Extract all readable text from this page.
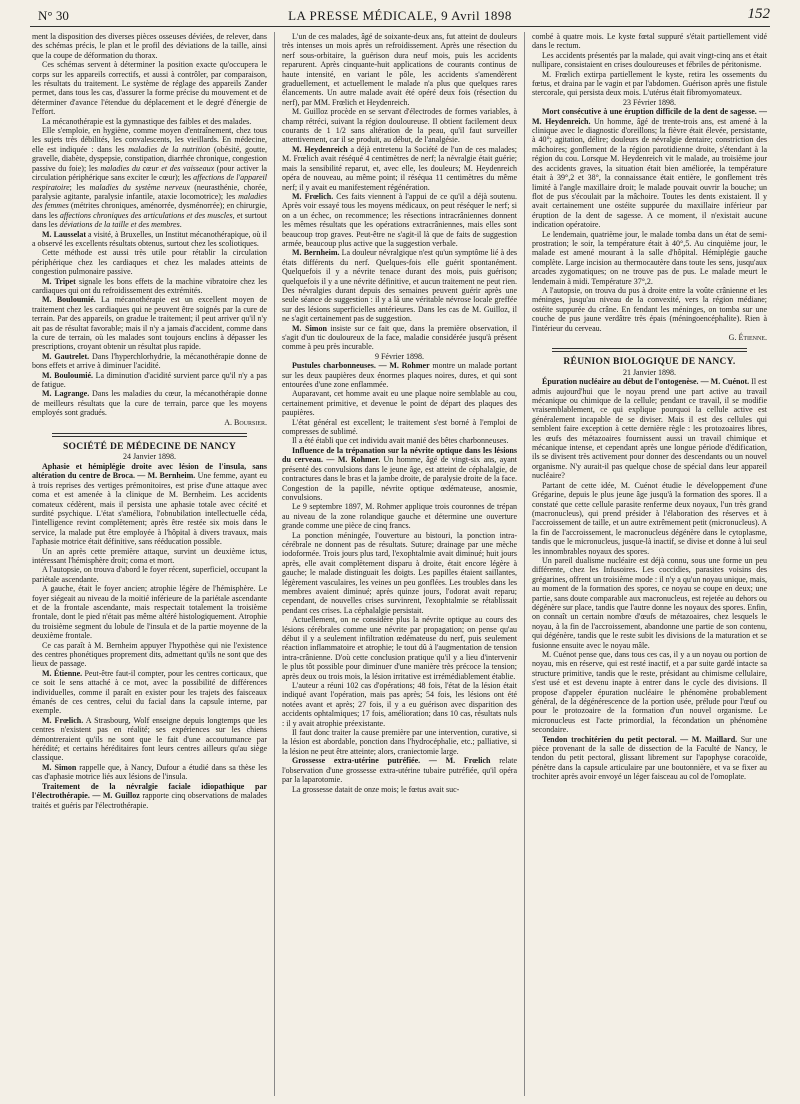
N° 30	LA PRESSE MÉDICALE, 9 Avril 1898	152

ment la disposition des diverses pièces osseuses déviées, de relever, dans des schémas précis, le plan et le profil des déviations de la taille, ainsi que la coupe de déformation du thorax.

Ces schémas servent à déterminer la position exacte qu'occupera le corps sur les appareils correctifs, et aussi à contrôler, par comparaison, les résultats du traitement. Le système de réglage des appareils Zander permet, dans tous les cas, d'assurer la forme précise du mouvement et de déterminer d'avance l'étendue du déplacement et le degré d'énergie de l'effort.

La mécanothérapie est la gymnastique des faibles et des malades.

Elle s'emploie, en hygiène, comme moyen d'entraînement, chez tous les sujets très débilités, les convalescents, les vieillards. En médecine, elle est indiquée : dans les maladies de la nutrition (obésité, goutte, gravelle, diabète, dyspepsie, constipation, diarrhée chronique, congestion passive du foie); les maladies du cœur et des vaisseaux (pour activer la circulation périphérique sans exciter le cœur); les affections de l'appareil respiratoire; les maladies du système nerveux (neurasthénie, chorée, paralysie agitante, paralysie infantile, ataxie locomotrice); les maladies des femmes (métrites chroniques, aménorrée, dysménorrée); en chirurgie, dans les affections chroniques des articulations et des muscles, et surtout dans les déviations de la taille et des membres.

M. Lausselat a visité, à Bruxelles, un Institut mécanothérapique, où il a observé les excellents résultats obtenus, surtout chez les scoliotiques.

Cette méthode est aussi très utile pour rétablir la circulation périphérique chez les cardiaques et chez les malades atteints de congestion pulmonaire passive.

M. Tripet signale les bons effets de la machine vibratoire chez les cardiaques qui ont du refroidissement des extrémités.

M. Bouloumié. La mécanothérapie est un excellent moyen de traitement chez les cardiaques qui ne peuvent être soignés par la cure de terrain. Par des appareils, on gradue le traitement; il peut arriver qu'il n'y ait pas de résultat favorable; mais il n'y a jamais d'accident, comme dans la cure de terrain, où les malades sont toujours enclins à dépasser les prescriptions, croyant obtenir un résultat plus rapide.

M. Gautrelet. Dans l'hyperchlorhydrie, la mécanothérapie donne de bons effets et arrive à diminuer l'acidité.

M. Bouloumié. La diminution d'acidité survient parce qu'il n'y a pas de fatigue.

M. Lagrange. Dans les maladies du cœur, la mécanothérapie donne de meilleurs résultats que la cure de terrain, parce que les moyens employés sont gradués.

A. Boursier.

SOCIÉTÉ DE MÉDECINE DE NANCY

24 Janvier 1898.

Aphasie et hémiplégie droite avec lésion de l'insula, sans altération du centre de Broca. — M. Bernheim. Une femme, ayant eu à trois reprises des vertiges prémonitoires, est prise d'une attaque avec coma et est amenée à la clinique de M. Bernheim. Les accidents comateux cédèrent, mais il persista une aphasie totale avec cécité et surdité psychique. L'état s'améliora, l'obnubilation intellectuelle céda, l'intelligence revint complètement; après être restée six mois dans le service, la malade put être employée à l'hôpital à divers travaux, mais l'aphasie motrice était définitive, sans rééducation possible.

Un an après cette première attaque, survint un deuxième ictus, intéressant l'hémisphère droit; coma et mort.

A l'autopsie, on trouva d'abord le foyer récent, superficiel, occupant la pariétale ascendante.

A gauche, était le foyer ancien; atrophie légère de l'hémisphère. Le foyer siégeait au niveau de la moitié inférieure de la pariétale ascendante et de la frontale ascendante, mais respectait totalement la troisième frontale, dont le pied n'était pas même altéré histologiquement. Atrophie du troisième segment du lobule de l'insula et de la partie moyenne de la deuxième frontale.

Ce cas paraît à M. Bernheim appuyer l'hypothèse qui nie l'existence des centres phonétiques proprement dits, admettant qu'ils ne sont que des lieux de passage.

M. Étienne. Peut-être faut-il compter, pour les centres corticaux, que ce soit le sens attaché à ce mot, avec la possibilité de différences individuelles, comme il paraît en exister pour les trajets des faisceaux émanés de ces centres, celui du facial dans la capsule interne, par exemple.

M. Frœlich. A Strasbourg, Wolf enseigne depuis longtemps que les centres n'existent pas en réalité; ses expériences sur les chiens démontreraient qu'ils ne sont que le fait d'une accoutumance par hérédité; et certains héréditaires font leurs centres ailleurs qu'au siège classique.

M. Simon rappelle que, à Nancy, Dufour a étudié dans sa thèse les cas d'aphasie motrice liés aux lésions de l'insula.

Traitement de la névralgie faciale idiopathique par l'électrothérapie. — M. Guilloz rapporte cinq observations de malades traités et guéris par l'électrothérapie.

L'un de ces malades, âgé de soixante-deux ans, fut atteint de douleurs très intenses un mois après un refroidissement. Après une résection du nerf sous-orbitaire, la guérison dura neuf mois, puis les accidents reparurent. Après cinquante-huit applications de courants continus de haute intensité, en variant le pôle, les accidents s'amendèrent graduellement, et actuellement le malade n'a plus que quelques rares élancements. Un autre malade avait été opéré deux fois (résection du nerf), par MM. Frœlich et Heydenreich.

M. Guilloz procède en se servant d'électrodes de formes variables, à champ rétréci, suivant la région douloureuse. Il obtient facilement deux courants de 1 1/2 sans altération de la peau, qu'il faut surveiller attentivement, car il se produit, au début, de l'analgésie.

M. Heydenreich a déjà entretenu la Société de l'un de ces malades; M. Frœlich avait réséqué 4 centimètres de nerf; la névralgie était guérie; mais la sensibilité reparut, et, avec elle, les douleurs; M. Heydenreich opéra de nouveau, au même point; il réséqua 11 centimètres du même nerf; il y avait eu manifestement régénération.

M. Frœlich. Ces faits viennent à l'appui de ce qu'il a déjà soutenu. Après voir essayé tous les moyens médicaux, on peut réséquer le nerf; si on a un échec, on recommence; les résections intracrâniennes donnent les mêmes résultats que les opérations extracrâniennes, mais elles sont beaucoup trop graves. Peut-être ne s'agit-il là que de faits de suggestion armée, beaucoup plus active que la suggestion verbale.

M. Bernheim. La douleur névralgique n'est qu'un symptôme lié à des états différents du nerf. Quelques-fois elle guérit spontanément. Quelquefois il y a névrite tenace durant des mois, puis guérison; quelquefois il y a une névrite définitive, et aucun traitement ne peut rien. Des névralgies durant depuis des semaines peuvent guérir après une seule séance de suggestion : il y a là une véritable névrose locale greffée sur des lésions superficielles antérieures. Dans les cas de M. Guilloz, il ne s'agit certainement pas de suggestion.

M. Simon insiste sur ce fait que, dans la première observation, il s'agit d'un tic douloureux de la face, maladie considérée jusqu'à présent comme à peu près incurable.

9 Février 1898.

Pustules charbonneuses. — M. Rohmer montre un malade portant sur les deux paupières deux énormes plaques noires, dures, et qui sont entourées d'une zone enflammée.

Auparavant, cet homme avait eu une plaque noire semblable au cou, certainement primitive, et devenue le point de départ des plaques des paupières.

L'état général est excellent; le traitement s'est borné à l'emploi de compresses de sublimé.

Il a été établi que cet individu avait manié des bêtes charbonneuses.

Influence de la trépanation sur la névrite optique dans les lésions du cerveau. — M. Rohmer. Un homme, âgé de vingt-six ans, ayant présenté des convulsions dans le jeune âge, est atteint de céphalalgie, de contractures dans le bras et la jambe droite, de paralysie droite de la face. Congestion de la papille, névrite optique œdémateuse, anosmie, convulsions.

Le 9 septembre 1897, M. Rohmer applique trois couronnes de trépan au niveau de la zone rolandique gauche et détermine une ouverture grande comme une pièce de cinq francs.

La ponction méningée, l'ouverture au bistouri, la ponction intra-cérébrale ne donnent pas de résultats. Suture; drainage par une mèche iodoformée. Trois jours plus tard, l'exophtalmie avait diminué; huit jours après, elle avait complètement disparu à droite, était encore légère à gauche; le malade distinguait les doigts. Les papilles étaient saillantes, légèrement vasculaires, les veines un peu gonflées. Les troubles dans les membres avaient diminué; après quinze jours, l'odorat avait reparu; cependant, de nouvelles crises survinrent, l'exophtalmie se rétablissait pendant ces crises. La céphalalgie persistait.

Actuellement, on ne considère plus la névrite optique au cours des lésions cérébrales comme une névrite par propagation; on pense qu'au début il y a seulement infiltration œdémateuse du nerf, puis seulement réaction inflammatoire et atrophie; le tout dû à l'augmentation de tension intra-crânienne. D'où cette conclusion pratique qu'il y a lieu d'intervenir le plus tôt possible pour diminuer d'une manière très précoce la tension; après deux ou trois mois, la lésion irritative est irrémédiablement établie.

L'auteur a réuni 102 cas d'opérations; 48 fois, l'état de la lésion était indiqué avant l'opération, mais pas après; 54 fois, les lésions ont été notées avant et après; 27 fois, il y a eu guérison avec disparition des accidents ophtalmiques; 17 fois, amélioration; dans 10 cas, résultats nuls : il y avait atrophie préexistante.

Il faut donc traiter la cause première par une intervention, curative, si la lésion est abordable, ponction dans l'hydrocéphalie, etc.; palliative, si la lésion ne peut être atteinte; alors, craniectomie large.

Grossesse extra-utérine putréfiée. — M. Frœlich relate l'observation d'une grossesse extra-utérine tubaire putréfiée, qu'il opéra par la laparotomie.

La grossesse datait de onze mois; le fœtus avait suc-

combé à quatre mois. Le kyste fœtal suppuré s'était partiellement vidé dans le rectum.

Les accidents présentés par la malade, qui avait vingt-cinq ans et était nullipare, consistaient en crises douloureuses et fébriles de péritonisme.

M. Frœlich extirpa partiellement le kyste, retira les ossements du fœtus, et draina par le vagin et par l'abdomen. Guérison après une fistule stercorale, qui persista deux mois. L'utérus était fibromyomateux.

23 Février 1898.

Mort consécutive à une éruption difficile de la dent de sagesse. — M. Heydenreich. Un homme, âgé de trente-trois ans, est amené à la clinique avec le diagnostic d'oreillons; la fièvre était élevée, persistante, à 40°; agitation, délire; douleurs de névralgie dentaire; constriction des mâchoires; gonflement de la région parotidienne droite, s'étendant à la région du cou. Lorsque M. Heydenreich vit le malade, au troisième jour des accidents graves, la situation était bien améliorée, la température était à 39°,2 et 38°, la connaissance était entière, le gonflement très limité à l'angle maxillaire droit; le malade pouvait ouvrir la bouche; un flot de pus s'écoulait par la mâchoire. Toutes les dents existaient. Il y avait certainement une ostéite suppurée du maxillaire inférieur par éruption de la dent de sagesse. A ce moment, il n'existait aucune indication opératoire.

Le lendemain, quatrième jour, le malade tomba dans un état de semi-prostration; le soir, la température était à 40°,5. Au cinquième jour, le malade est amené mourant à la salle d'hôpital. Hémiplégie gauche complète. Large incision au thermocautère dans toute les sens, jusqu'aux arcades zygomatiques; on ne trouve pas de pus. Le malade meurt le lendemain à midi. Température 37°,2.

A l'autopsie, on trouva du pus à droite entre la voûte crânienne et les méninges, jusqu'au niveau de la convexité, vers la région médiane; ostéite suppurée du crâne. En fendant les méninges, on tomba sur une couche de pus jaune verdâtre très épais (méningoencéphalite). Rien à l'intérieur du cerveau.

G. Étienne.

RÉUNION BIOLOGIQUE DE NANCY.

21 Janvier 1898.

Épuration nucléaire au début de l'ontogenèse. — M. Cuénot. Il est admis aujourd'hui que le noyau prend une part active au travail mécanique ou chimique de la cellule; pendant ce travail, il se modifie vraisemblablement, ce qui explique pourquoi la cellule active est généralement incapable de se diviser. Mais il est des cellules qui semblent faire exception à cette dernière règle : les protozoaires libres, les œufs des métazoaires fournissent aussi un travail chimique et mécanique intense, et cependant après une longue période d'édification, ils se divisent très activement pour donner des descendants ou un nouvel organisme. N'y aurait-il pas quelque chose de spécial dans leur appareil nucléaire?

Partant de cette idée, M. Cuénot étudie le développement d'une Grégarine, depuis le plus jeune âge jusqu'à la formation des spores. Il a constaté que cette cellule parasite renferme deux noyaux, l'un très grand (macronucleus), qui prend présider à l'élaboration des réserves et à l'accroissement de taille, et un autre extrêmement petit (micronucleus). A la fin de l'accroissement, le macronucleus dégénère dans le cytoplasme, tandis que le micronucleus, jusque-là inactif, se divise et donne à lui seul les innombrables noyaux des spores.

Un pareil dualisme nucléaire est déjà connu, sous une forme un peu différente, chez les Infusoires. Les coccidies, parasites voisins des grégarines, offrent un troisième mode : il n'y a qu'un noyau unique, mais, au moment de la formation des spores, ce noyau se coupe en deux; une partie, sans doute comparable aux macronucleus, est rejetée au dehors ou dégénère sur place, tandis que l'autre donne les noyaux des spores. Enfin, on connaît un certain nombre d'œufs de métazoaires, chez lesquels le noyau, à la fin de l'accroissement, abandonne une partie de son contenu, qui dégénère, tandis que le reste subit les divisions de la maturation et se fusionne ensuite avec le noyau mâle.

M. Cuénot pense que, dans tous ces cas, il y a un noyau ou portion de noyau, mis en réserve, qui est resté inactif, et a par suite gardé intacte sa structure primitive, tandis que le reste, présidant au chimisme cellulaire, s'est usé et est devenu inapte à entrer dans le cycle des divisions. Il propose d'appeler épuration nucléaire le phénomène probablement général, de la dégénérescence de la portion usée, prélude pour l'œuf ou pour le protozoaire de la formation d'un nouvel organisme. Le micronucleus est l'acte primordial, la fécondation un phénomène secondaire.

Tendon trochitérien du petit pectoral. — M. Maillard. Sur une pièce provenant de la salle de dissection de la Faculté de Nancy, le tendon du petit pectoral, glissant librement sur l'apophyse coracoïde, pénètre dans la capsule articulaire par une boutonnière, et va se fixer au trochiter après avoir envoyé un léger faisceau au col de l'omoplate.
